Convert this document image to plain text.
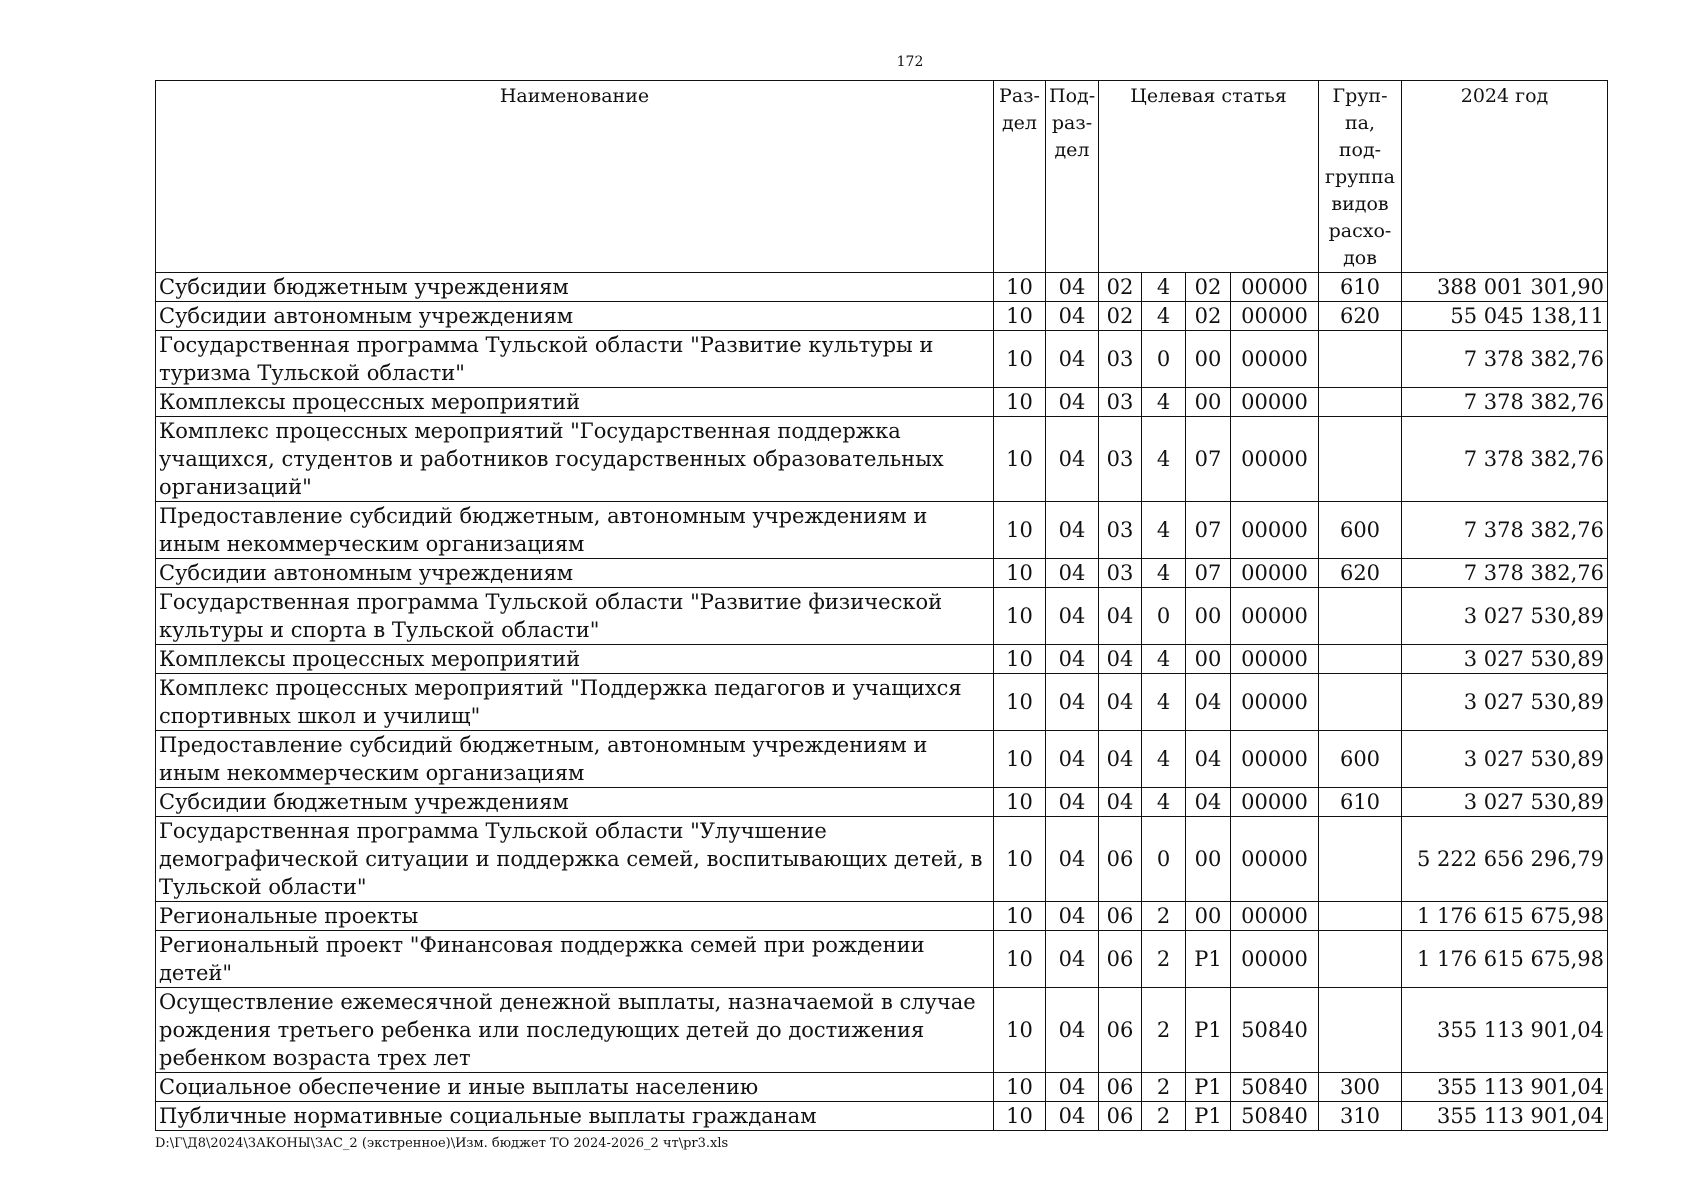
172
Наименование	Раз- дел	Под- раз- дел	Целевая статья				Груп- па, под- группа видов расхо- дов	2024 год
Субсидии бюджетным учреждениям	10	04	02	4	02	00000	610	388 001 301,90
Субсидии автономным учреждениям	10	04	02	4	02	00000	620	55 045 138,11
Государственная программа Тульской области "Развитие культуры и туризма Тульской области"	10	04	03	0	00	00000		7 378 382,76
Комплексы процессных мероприятий	10	04	03	4	00	00000		7 378 382,76
Комплекс процессных мероприятий "Государственная поддержка учащихся, студентов и работников государственных образовательных организаций"	10	04	03	4	07	00000		7 378 382,76
Предоставление субсидий бюджетным, автономным учреждениям и иным некоммерческим организациям	10	04	03	4	07	00000	600	7 378 382,76
Субсидии автономным учреждениям	10	04	03	4	07	00000	620	7 378 382,76
Государственная программа Тульской области "Развитие физической культуры и спорта в Тульской области"	10	04	04	0	00	00000		3 027 530,89
Комплексы процессных мероприятий	10	04	04	4	00	00000		3 027 530,89
Комплекс процессных мероприятий "Поддержка педагогов и учащихся спортивных школ и училищ"	10	04	04	4	04	00000		3 027 530,89
Предоставление субсидий бюджетным, автономным учреждениям и иным некоммерческим организациям	10	04	04	4	04	00000	600	3 027 530,89
Субсидии бюджетным учреждениям	10	04	04	4	04	00000	610	3 027 530,89
Государственная программа Тульской области "Улучшение демографической ситуации и поддержка семей, воспитывающих детей, в Тульской области"	10	04	06	0	00	00000		5 222 656 296,79
Региональные проекты	10	04	06	2	00	00000		1 176 615 675,98
Региональный проект "Финансовая поддержка семей при рождении детей"	10	04	06	2	P1	00000		1 176 615 675,98
Осуществление ежемесячной денежной выплаты, назначаемой в случае рождения третьего ребенка или последующих детей до достижения ребенком возраста трех лет	10	04	06	2	P1	50840		355 113 901,04
Социальное обеспечение и иные выплаты населению	10	04	06	2	P1	50840	300	355 113 901,04
Публичные нормативные социальные выплаты гражданам	10	04	06	2	P1	50840	310	355 113 901,04
D:\Г\Д8\2024\ЗАКОНЫ\ЗАС_2 (экстренное)\Изм. бюджет ТО 2024-2026_2 чт\pr3.xls
